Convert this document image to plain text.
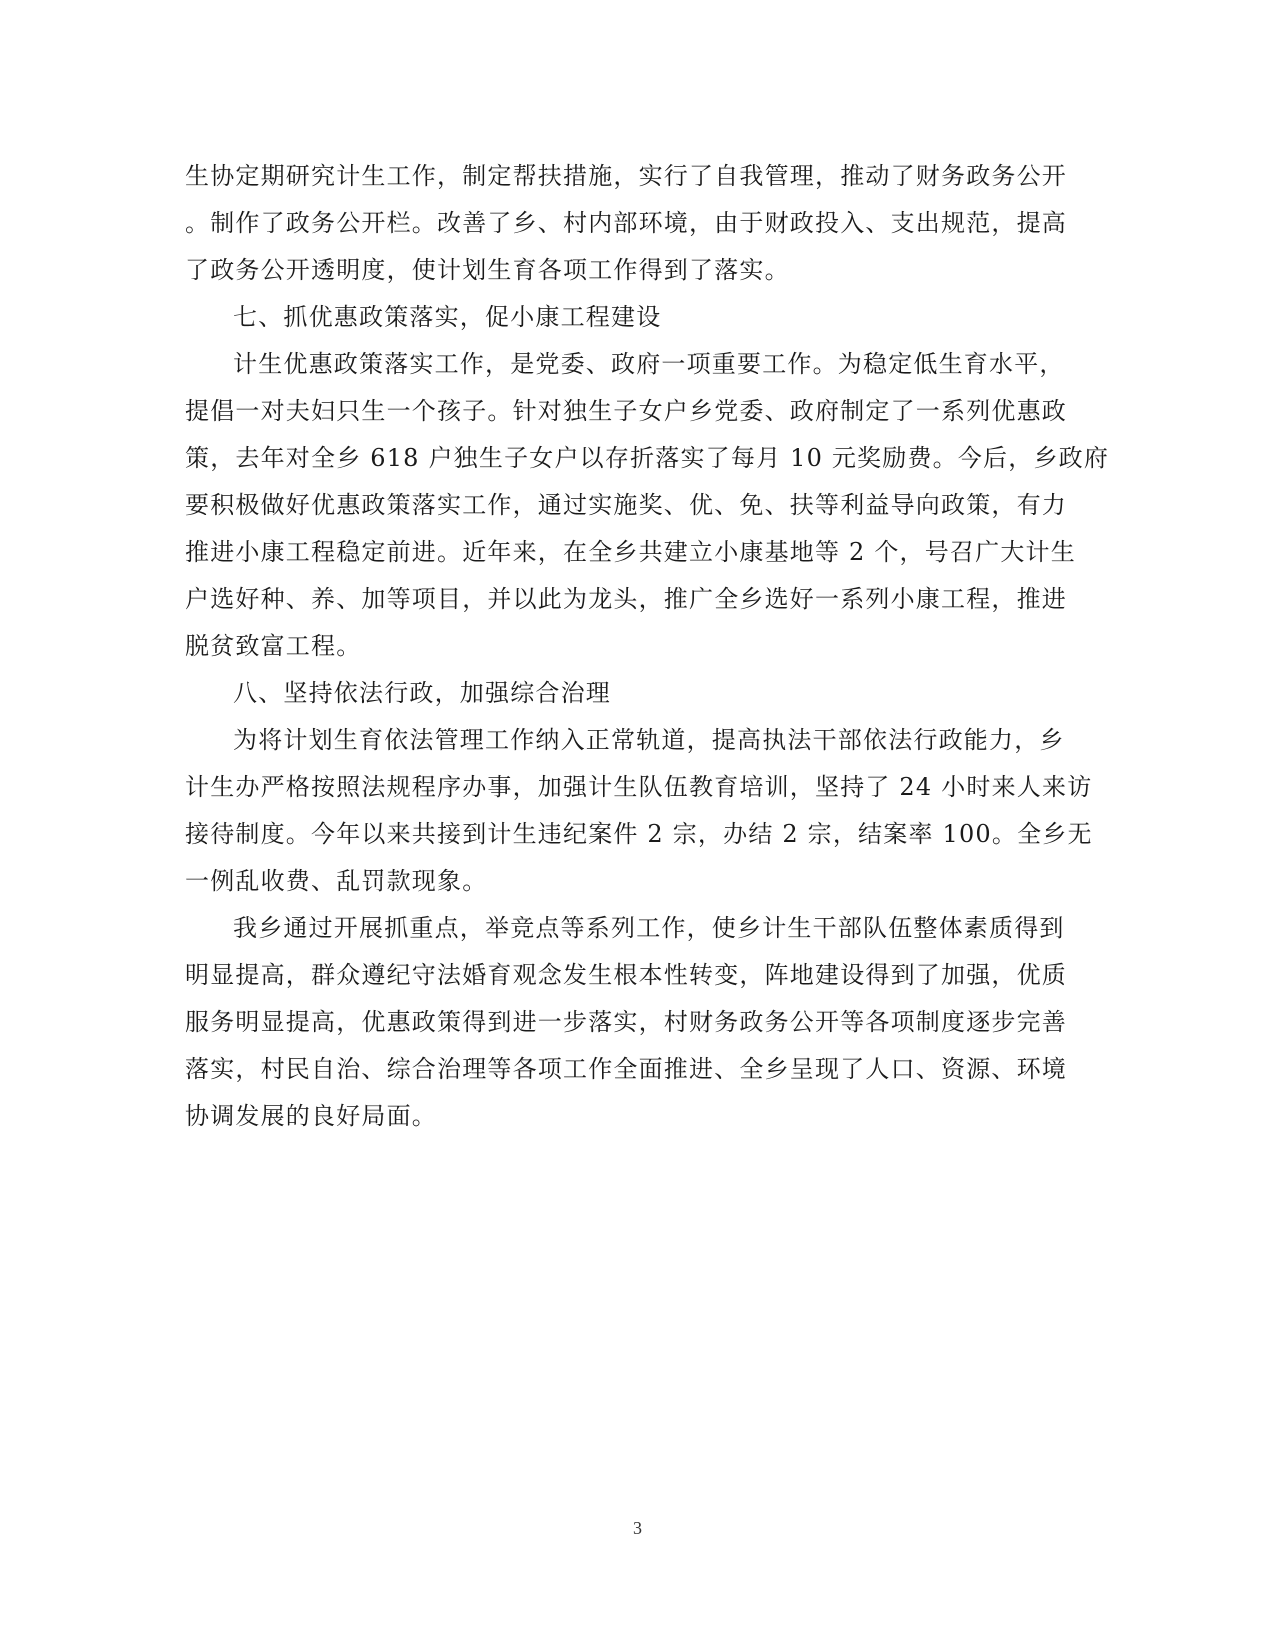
生协定期研究计生工作，制定帮扶措施，实行了自我管理，推动了财务政务公开

。制作了政务公开栏。改善了乡、村内部环境，由于财政投入、支出规范，提高

了政务公开透明度，使计划生育各项工作得到了落实。

七、抓优惠政策落实，促小康工程建设

计生优惠政策落实工作，是党委、政府一项重要工作。为稳定低生育水平，

提倡一对夫妇只生一个孩子。针对独生子女户乡党委、政府制定了一系列优惠政

策，去年对全乡 618 户独生子女户以存折落实了每月 10 元奖励费。今后，乡政府

要积极做好优惠政策落实工作，通过实施奖、优、免、扶等利益导向政策，有力

推进小康工程稳定前进。近年来，在全乡共建立小康基地等 2 个，号召广大计生

户选好种、养、加等项目，并以此为龙头，推广全乡选好一系列小康工程，推进

脱贫致富工程。

八、坚持依法行政，加强综合治理

为将计划生育依法管理工作纳入正常轨道，提高执法干部依法行政能力，乡

计生办严格按照法规程序办事，加强计生队伍教育培训，坚持了 24 小时来人来访

接待制度。今年以来共接到计生违纪案件 2 宗，办结 2 宗，结案率 100。全乡无

一例乱收费、乱罚款现象。

我乡通过开展抓重点，举竞点等系列工作，使乡计生干部队伍整体素质得到

明显提高，群众遵纪守法婚育观念发生根本性转变，阵地建设得到了加强，优质

服务明显提高，优惠政策得到进一步落实，村财务政务公开等各项制度逐步完善

落实，村民自治、综合治理等各项工作全面推进、全乡呈现了人口、资源、环境

协调发展的良好局面。

3
